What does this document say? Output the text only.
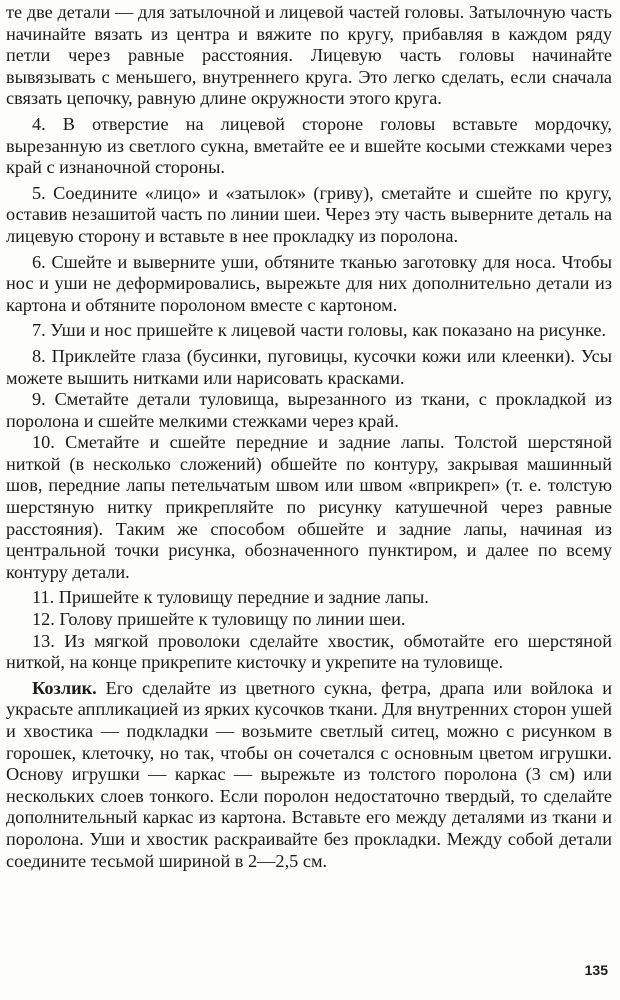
те две детали — для затылочной и лицевой частей головы. Затылочную часть начинайте вязать из центра и вяжите по кругу, прибавляя в каждом ряду петли через равные расстояния. Лицевую часть головы начинайте вывязывать с меньшего, внутреннего круга. Это легко сделать, если сначала связать цепочку, равную длине окружности этого круга.

4. В отверстие на лицевой стороне головы вставьте мордочку, вырезанную из светлого сукна, вметайте ее и вшейте косыми стежками через край с изнаночной стороны.

5. Соедините «лицо» и «затылок» (гриву), сметайте и сшейте по кругу, оставив незашитой часть по линии шеи. Через эту часть выверните деталь на лицевую сторону и вставьте в нее прокладку из поролона.

6. Сшейте и выверните уши, обтяните тканью заготовку для носа. Чтобы нос и уши не деформировались, вырежьте для них дополнительно детали из картона и обтяните поролоном вместе с картоном.

7. Уши и нос пришейте к лицевой части головы, как показано на рисунке.

8. Приклейте глаза (бусинки, пуговицы, кусочки кожи или клеенки). Усы можете вышить нитками или нарисовать красками.

9. Сметайте детали туловища, вырезанного из ткани, с прокладкой из поролона и сшейте мелкими стежками через край.

10. Сметайте и сшейте передние и задние лапы. Толстой шерстяной ниткой (в несколько сложений) обшейте по контуру, закрывая машинный шов, передние лапы петельчатым швом или швом «вприкреп» (т. е. толстую шерстяную нитку прикрепляйте по рисунку катушечной через равные расстояния). Таким же способом обшейте и задние лапы, начиная из центральной точки рисунка, обозначенного пунктиром, и далее по всему контуру детали.

11. Пришейте к туловищу передние и задние лапы.

12. Голову пришейте к туловищу по линии шеи.

13. Из мягкой проволоки сделайте хвостик, обмотайте его шерстяной ниткой, на конце прикрепите кисточку и укрепите на туловище.

Козлик. Его сделайте из цветного сукна, фетра, драпа или войлока и украсьте аппликацией из ярких кусочков ткани. Для внутренних сторон ушей и хвостика — подкладки — возьмите светлый ситец, можно с рисунком в горошек, клеточку, но так, чтобы он сочетался с основным цветом игрушки. Основу игрушки — каркас — вырежьте из толстого поролона (3 см) или нескольких слоев тонкого. Если поролон недостаточно твердый, то сделайте дополнительный каркас из картона. Вставьте его между деталями из ткани и поролона. Уши и хвостик раскраивайте без прокладки. Между собой детали соедините тесьмой шириной в 2—2,5 см.

135
